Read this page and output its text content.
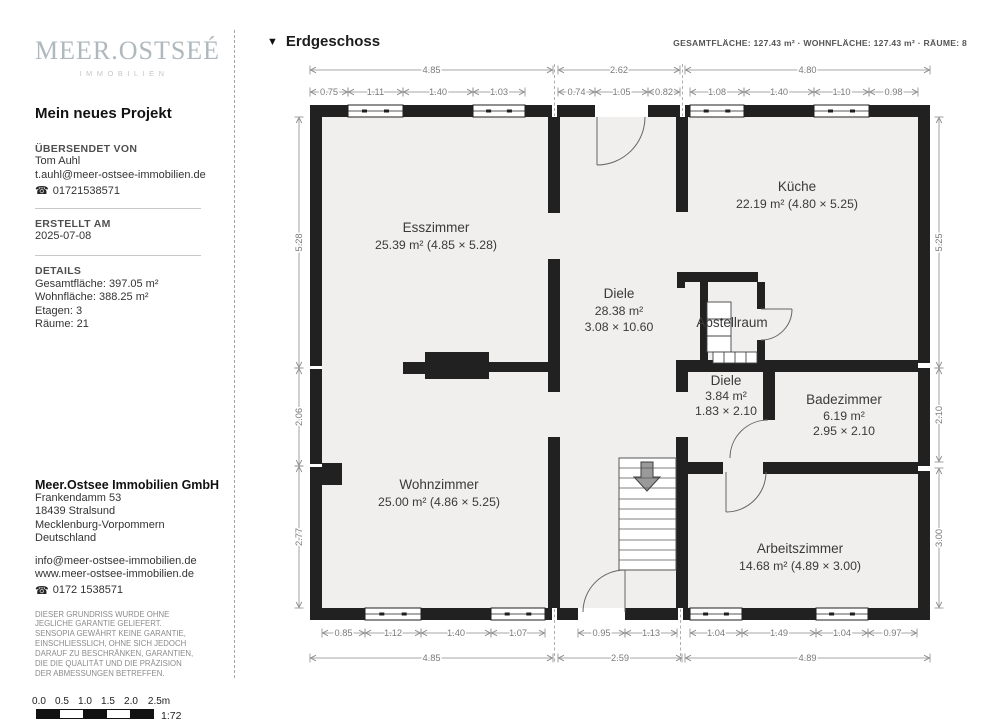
MEER.OSTSEÉ
IMMOBILIEN
Mein neues Projekt
ÜBERSENDET VON
Tom Auhl
t.auhl@meer-ostsee-immobilien.de
☎ 01721538571
ERSTELLT AM
2025-07-08
DETAILS
Gesamtfläche: 397.05 m²
Wohnfläche: 388.25 m²
Etagen: 3
Räume: 21
Meer.Ostsee Immobilien GmbH
Frankendamm 53
18439 Stralsund
Mecklenburg-Vorpommern
Deutschland
info@meer-ostsee-immobilien.de
www.meer-ostsee-immobilien.de
☎ 0172 1538571
DIESER GRUNDRISS WURDE OHNE JEGLICHE GARANTIE GELIEFERT. SENSOPIA GEWÄHRT KEINE GARANTIE, EINSCHLIESSLICH, OHNE SICH JEDOCH DARAUF ZU BESCHRÄNKEN, GARANTIEN, DIE DIE QUALITÄT UND DIE PRÄZISION DER ABMESSUNGEN BETREFFEN.
0.0 0.5 1.0 1.5 2.0 2.5m
1:72
▼ Erdgeschoss	GESAMTFLÄCHE: 127.43 m² · WOHNFLÄCHE: 127.43 m² · RÄUME: 8
4.85	2.62	4.80
0.75	1.11	1.40	1.03	0.74	1.05	0.82	1.08	1.40	1.10	0.98
0.85	1.12	1.40	1.07	0.95	1.13	1.04	1.49	1.04	0.97
4.85	2.59	4.89
5.28
2.06
2.77
5.25
2.10
3.00
Esszimmer
25.39 m² (4.85 × 5.28)
Küche
22.19 m² (4.80 × 5.25)
Diele
28.38 m²
3.08 × 10.60	Abstellraum
Diele
3.84 m²
1.83 × 2.10
Badezimmer
6.19 m²
2.95 × 2.10
Wohnzimmer
25.00 m² (4.86 × 5.25)
Arbeitszimmer
14.68 m² (4.89 × 3.00)
